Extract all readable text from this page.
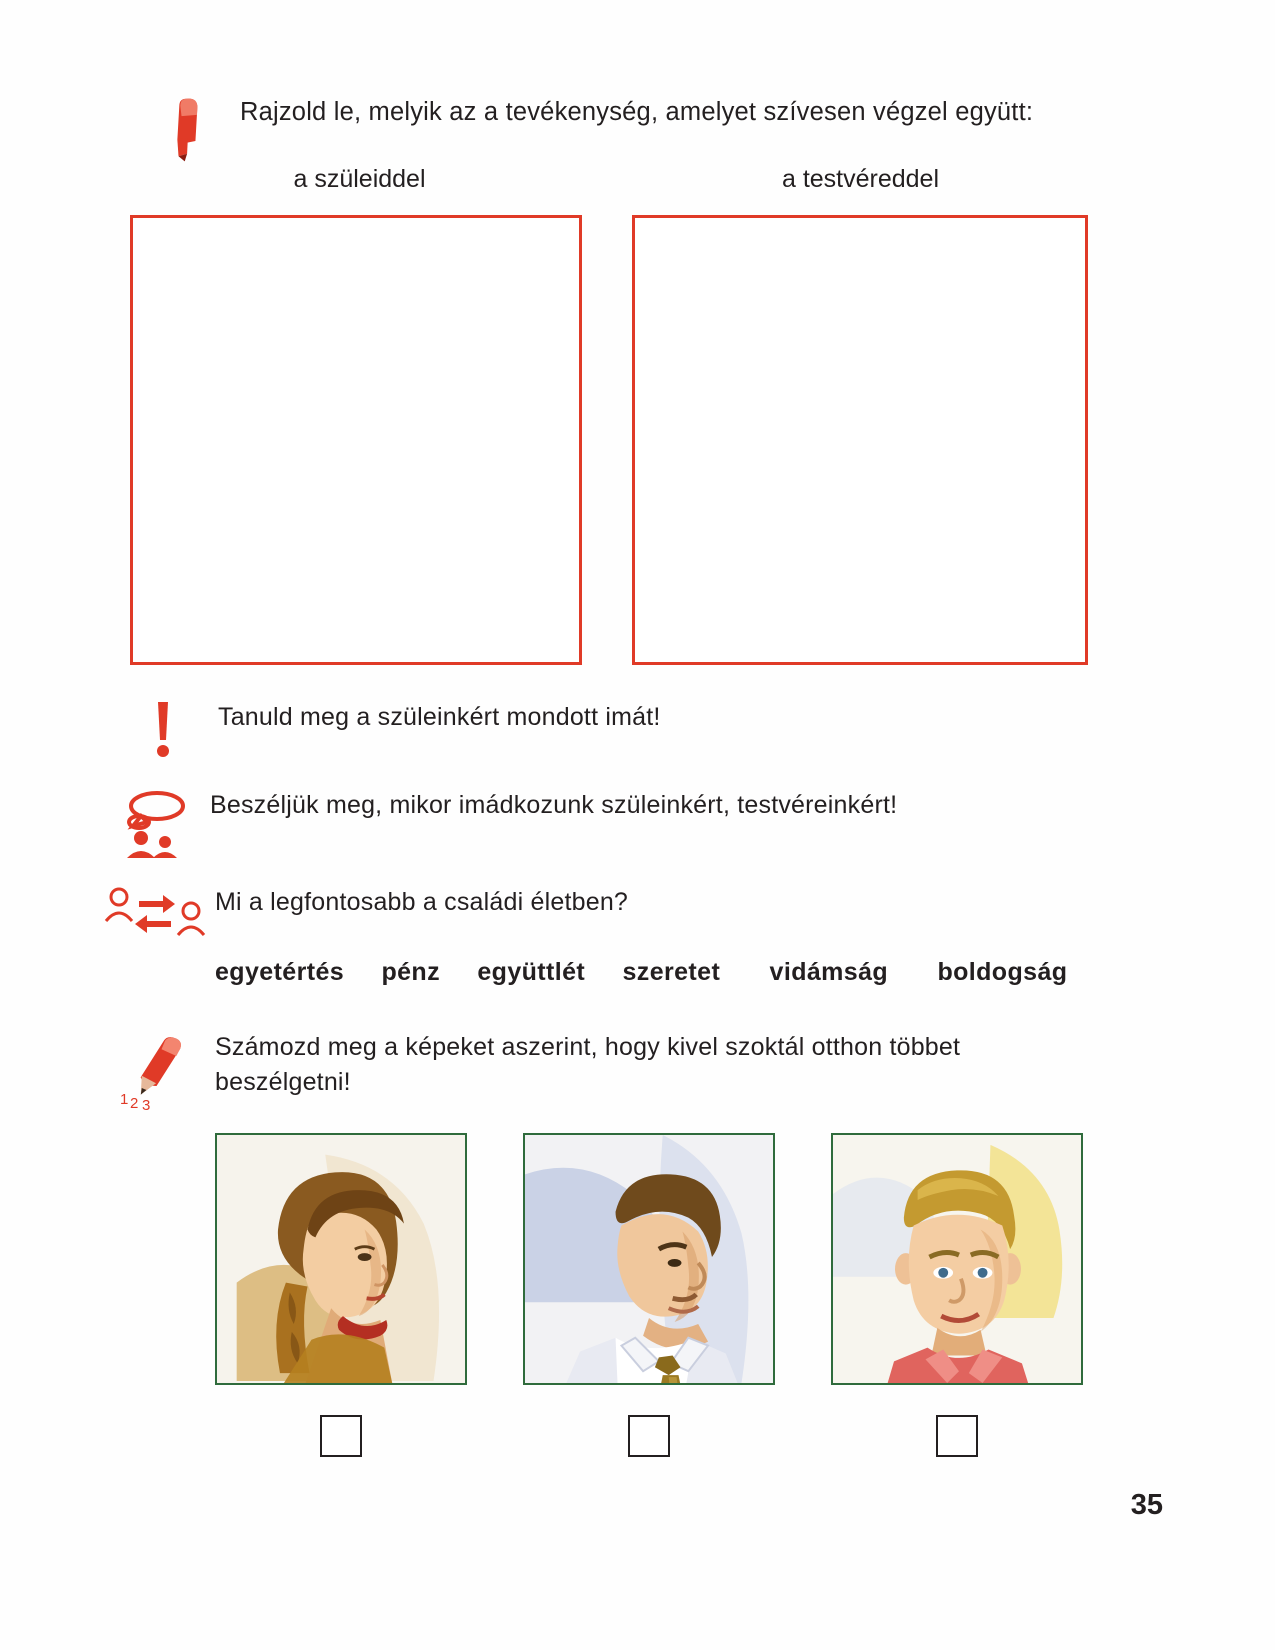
Rajzold le, melyik az a tevékenység, amelyet szívesen végzel együtt:
a szüleiddel	a testvéreddel
Tanuld meg a szüleinkért mondott imát!
Beszéljük meg, mikor imádkozunk szüleinkért, testvéreinkért!
Mi a legfontosabb a családi életben?
egyetértés pénz együttlét szeretet vidámság boldogság
1 2 3
Számozd meg a képeket aszerint, hogy kivel szoktál otthon többet beszélgetni!
35
